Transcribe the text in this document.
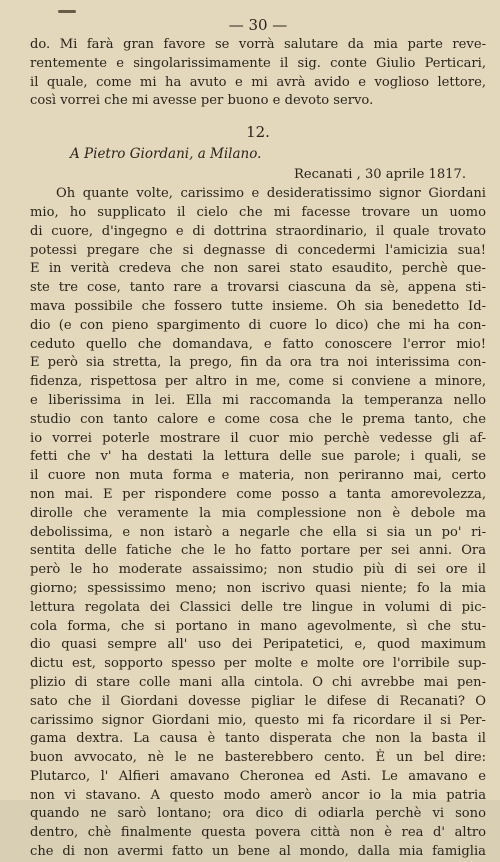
— 30 —
do. Mi farà gran favore se vorrà salutare da mia parte reve-
rentemente e singolarissimamente il sig. conte Giulio Perticari,
il quale, come mi ha avuto e mi avrà avido e voglioso lettore,
così vorrei che mi avesse per buono e devoto servo.
12.
A Pietro Giordani, a Milano.
Recanati , 30 aprile 1817.
Oh quante volte, carissimo e desideratissimo signor Giordani
mio, ho supplicato il cielo che mi facesse trovare un uomo
di cuore, d'ingegno e di dottrina straordinario, il quale trovato
potessi pregare che si degnasse di concedermi l'amicizia sua!
E in verità credeva che non sarei stato esaudito, perchè que-
ste tre cose, tanto rare a trovarsi ciascuna da sè, appena sti-
mava possibile che fossero tutte insieme. Oh sia benedetto Id-
dio (e con pieno spargimento di cuore lo dico) che mi ha con-
ceduto quello che domandava, e fatto conoscere l'error mio!
E però sia stretta, la prego, fin da ora tra noi interissima con-
fidenza, rispettosa per altro in me, come si conviene a minore,
e liberissima in lei. Ella mi raccomanda la temperanza nello
studio con tanto calore e come cosa che le prema tanto, che
io vorrei poterle mostrare il cuor mio perchè vedesse gli af-
fetti che v' ha destati la lettura delle sue parole; i quali, se
il cuore non muta forma e materia, non periranno mai, certo
non mai. E per rispondere come posso a tanta amorevolezza,
dirolle che veramente la mia complessione non è debole ma
debolissima, e non istarò a negarle che ella si sia un po' ri-
sentita delle fatiche che le ho fatto portare per sei anni. Ora
però le ho moderate assaissimo; non studio più di sei ore il
giorno; spessissimo meno; non iscrivo quasi niente; fo la mia
lettura regolata dei Classici delle tre lingue in volumi di pic-
cola forma, che si portano in mano agevolmente, sì che stu-
dio quasi sempre all' uso dei Peripatetici, e, quod maximum
dictu est, sopporto spesso per molte e molte ore l'orribile sup-
plizio di stare colle mani alla cintola. O chi avrebbe mai pen-
sato che il Giordani dovesse pigliar le difese di Recanati? O
carissimo signor Giordani mio, questo mi fa ricordare il si Per-
gama dextra. La causa è tanto disperata che non la basta il
buon avvocato, nè le ne basterebbero cento. È un bel dire:
Plutarco, l' Alfieri amavano Cheronea ed Asti. Le amavano e
non vi stavano. A questo modo amerò ancor io la mia patria
quando ne sarò lontano; ora dico di odiarla perchè vi sono
dentro, chè finalmente questa povera città non è rea d' altro
che di non avermi fatto un bene al mondo, dalla mia famiglia
